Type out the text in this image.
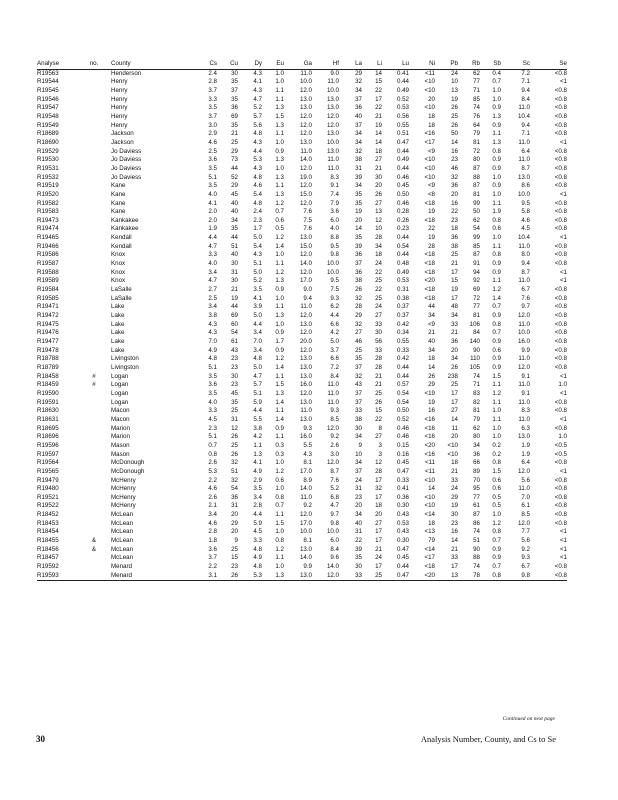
Analyse	no.	County	Cs	Cu	Dy	Eu	Ga	Hf	La	Li	Lu	Ni	Pb	Rb	Sb	Sc	Se
R19563		Henderson	2.4	30	4.3	1.0	11.0	9.0	29	14	0.41	<11	24	62	0.4	7.2	<0.8
R19544		Henry	2.8	35	4.1	1.0	10.0	11.0	32	15	0.44	<10	10	77	0.7	7.1	<1
R19545		Henry	3.7	37	4.3	1.1	12.0	10.0	34	22	0.49	<10	13	71	1.0	9.4	<0.8
R19546		Henry	3.3	35	4.7	1.1	13.0	13.0	37	17	0.52	20	19	85	1.0	8.4	<0.8
R19547		Henry	3.5	36	5.2	1.3	13.0	13.0	36	22	0.53	<10	26	74	0.9	11.0	<0.8
R19548		Henry	3.7	69	5.7	1.5	12.0	12.0	40	21	0.56	18	25	76	1.3	10.4	<0.8
R19549		Henry	3.0	35	5.6	1.3	12.0	12.0	37	19	0.55	18	26	64	0.9	9.4	<0.8
R18689		Jackson	2.9	21	4.8	1.1	12.0	13.0	34	14	0.51	<16	50	79	1.1	7.1	<0.8
R18690		Jackson	4.6	25	4.3	1.0	13.0	10.0	34	14	0.47	<17	14	81	1.3	11.0	<1
R19529		Jo Daviess	2.5	29	4.4	0.9	11.0	13.0	32	18	0.44	<9	16	72	0.8	6.4	<0.8
R19530		Jo Daviess	3.6	73	5.3	1.3	14.0	11.0	38	27	0.49	<10	23	80	0.9	11.0	<0.8
R19531		Jo Daviess	3.5	44	4.3	1.0	12.0	11.0	31	21	0.44	<10	46	87	0.9	8.7	<0.8
R19532		Jo Daviess	5.1	52	4.8	1.3	19.0	8.3	39	30	0.46	<10	32	88	1.0	13.0	<0.8
R19519		Kane	3.5	29	4.6	1.1	12.0	9.1	34	20	0.45	<9	36	87	0.9	8.6	<0.8
R19520		Kane	4.0	45	5.4	1.3	15.0	7.4	35	26	0.50	<8	20	81	1.0	10.0	<1
R19582		Kane	4.1	40	4.8	1.2	12.0	7.9	35	27	0.46	<18	16	99	1.1	9.5	<0.8
R19583		Kane	2.0	40	2.4	0.7	7.6	3.6	19	13	0.28	19	22	50	1.9	5.8	<0.8
R19473		Kankakee	2.0	34	2.3	0.6	7.5	6.0	20	12	0.26	<18	23	62	0.8	4.6	<0.8
R19474		Kankakee	1.9	35	1.7	0.5	7.6	4.0	14	10	0.23	22	18	54	0.6	4.5	<0.8
R19465		Kendall	4.4	44	5.0	1.2	13.0	8.8	35	28	0.44	19	36	99	1.0	10.4	<1
R19466		Kendall	4.7	51	5.4	1.4	15.0	9.5	39	34	0.54	28	38	85	1.1	11.0	<0.8
R19586		Knox	3.3	40	4.3	1.0	12.0	9.8	36	18	0.44	<18	25	87	0.8	8.0	<0.8
R19587		Knox	4.0	30	5.1	1.1	14.0	10.0	37	24	0.48	<18	21	91	0.9	9.4	<0.8
R19588		Knox	3.4	31	5.0	1.2	12.0	10.0	36	22	0.49	<18	17	94	0.9	8.7	<1
R19589		Knox	4.7	30	5.2	1.3	17.0	9.5	38	25	0.53	<20	15	92	1.1	11.0	<1
R19584		LaSalle	2.7	21	3.5	0.9	9.0	7.5	26	22	0.31	<18	19	69	1.2	6.7	<0.8
R19585		LaSalle	2.5	19	4.1	1.0	9.4	9.3	32	25	0.38	<18	17	72	1.4	7.6	<0.8
R19471		Lake	3.4	44	3.9	1.1	11.0	6.2	28	24	0.37	44	48	77	0.7	9.7	<0.8
R19472		Lake	3.8	69	5.0	1.3	12.0	4.4	29	27	0.37	34	34	81	0.9	12.0	<0.8
R19475		Lake	4.3	60	4.4	1.0	13.0	6.6	32	33	0.42	<9	33	106	0.8	11.0	<0.8
R19476		Lake	4.3	54	3.4	0.9	12.0	4.2	27	30	0.34	21	21	84	0.7	10.0	<0.8
R19477		Lake	7.0	61	7.0	1.7	20.0	5.0	46	56	0.55	40	36	140	0.9	16.0	<0.8
R19478		Lake	4.9	43	3.4	0.9	12.0	3.7	25	33	0.33	34	20	90	0.6	9.9	<0.8
R18788		Livingston	4.8	23	4.8	1.2	13.0	6.6	35	28	0.42	18	34	110	0.9	11.0	<0.8
R18789		Livingston	5.1	23	5.0	1.4	13.0	7.2	37	28	0.44	14	26	105	0.9	12.0	<0.8
R18458	#	Logan	3.5	30	4.7	1.1	13.0	8.4	32	21	0.44	26	238	74	1.5	9.1	<1
R18459	#	Logan	3.6	23	5.7	1.5	16.0	11.0	43	21	0.57	29	25	71	1.1	11.0	1.0
R19590		Logan	3.5	45	5.1	1.3	12.0	11.0	37	25	0.54	<19	17	83	1.2	9.1	<1
R19591		Logan	4.0	35	5.9	1.4	13.0	11.0	37	26	0.54	19	17	82	1.1	11.0	<0.8
R18630		Macon	3.3	25	4.4	1.1	11.0	9.3	33	15	0.50	16	27	81	1.0	8.3	<0.8
R18631		Macon	4.5	31	5.5	1.4	13.0	8.5	38	22	0.52	<16	14	79	1.1	11.0	<1
R18695		Marion	2.3	12	3.8	0.9	9.3	12.0	30	8	0.46	<16	11	62	1.0	6.3	<0.8
R18696		Marion	5.1	26	4.2	1.1	16.0	9.2	34	27	0.46	<16	20	80	1.0	13.0	1.0
R19596		Mason	0.7	25	1.1	0.3	5.5	2.6	9	3	0.15	<20	<10	34	0.2	1.9	<0.5
R19597		Mason	0.8	26	1.3	0.3	4.3	3.0	10	3	0.16	<16	<10	36	0.2	1.9	<0.5
R19564		McDonough	2.6	32	4.1	1.0	8.1	12.0	34	12	0.45	<11	18	66	0.8	6.4	<0.8
R19565		McDonough	5.3	51	4.9	1.2	17.0	8.7	37	28	0.47	<11	21	89	1.5	12.0	<1
R19479		McHenry	2.2	32	2.9	0.6	8.9	7.6	24	17	0.33	<10	33	70	0.6	5.6	<0.8
R19480		McHenry	4.6	54	3.5	1.0	14.0	5.2	31	32	0.41	14	24	95	0.6	11.0	<0.8
R19521		McHenry	2.6	36	3.4	0.8	11.0	6.8	23	17	0.36	<10	29	77	0.5	7.0	<0.8
R19522		McHenry	2.1	31	2.8	0.7	9.2	4.7	20	18	0.30	<10	19	61	0.5	6.1	<0.8
R18452		McLean	3.4	20	4.4	1.1	12.0	9.7	34	20	0.43	<14	30	87	1.0	8.5	<0.8
R18453		McLean	4.6	29	5.9	1.5	17.0	9.8	40	27	0.53	18	23	86	1.2	12.0	<0.8
R18454		McLean	2.8	20	4.5	1.0	10.0	10.0	31	17	0.43	<13	16	74	0.8	7.7	<1
R18455	&	McLean	1.8	9	3.3	0.8	8.1	6.0	22	17	0.30	79	14	51	0.7	5.6	<1
R18456	&	McLean	3.6	25	4.8	1.2	13.0	8.4	39	21	0.47	<14	21	90	0.9	9.2	<1
R18457		McLean	3.7	15	4.9	1.1	14.0	9.6	35	24	0.45	<17	33	88	0.9	9.3	<1
R19592		Menard	2.2	23	4.8	1.0	9.9	14.0	30	17	0.44	<18	17	74	0.7	6.7	<0.8
R19593		Menard	3.1	26	5.3	1.3	13.0	12.0	33	25	0.47	<20	13	78	0.8	9.8	<0.8
Continued on next page
30	Analysis Number, County, and Cs to Se
